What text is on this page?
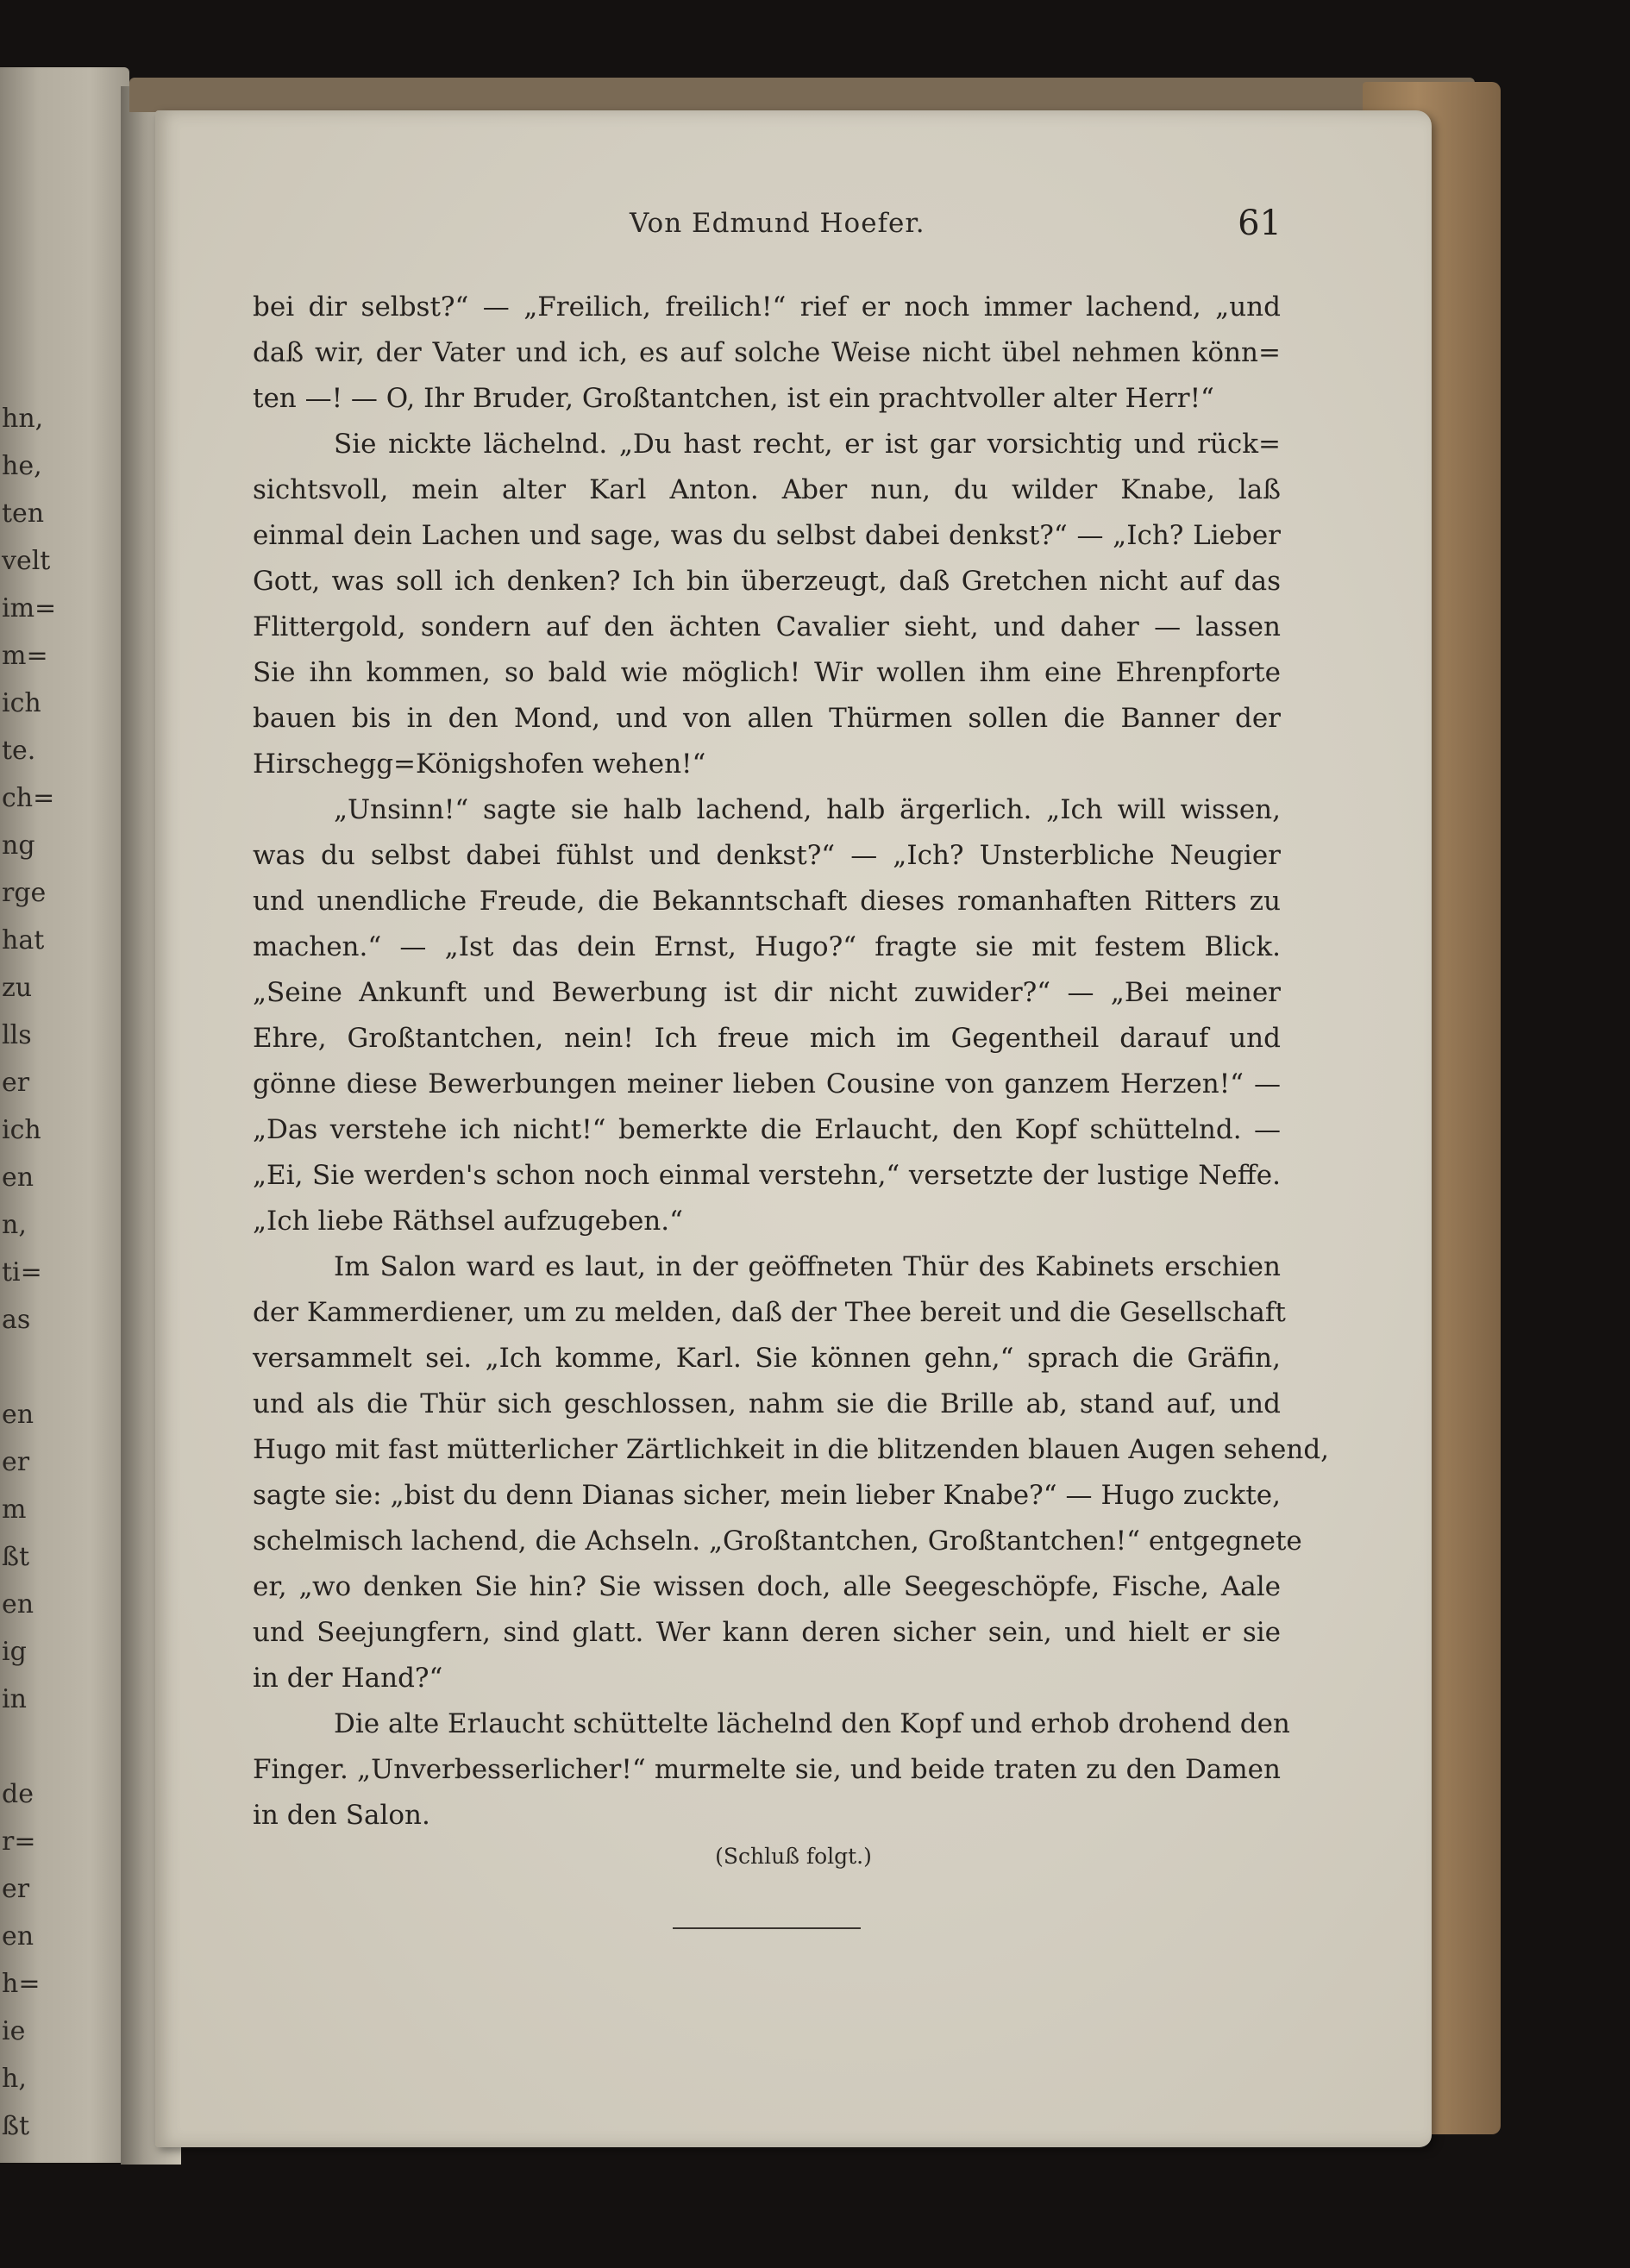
hn,
he,
ten
velt
im=
m=
ich
te.
ch=
ng
rge
hat
zu
lls
er
ich
en
n,
ti=
as
en
er
m
ßt
en
ig
in
de
r=
er
en
h=
ie
h,
ßt
Von Edmund Hoefer.	61
bei dir selbst?“ — „Freilich, freilich!“ rief er noch immer lachend, „und
daß wir, der Vater und ich, es auf solche Weise nicht übel nehmen könn=
ten —! — O, Ihr Bruder, Großtantchen, ist ein prachtvoller alter Herr!“
Sie nickte lächelnd. „Du hast recht, er ist gar vorsichtig und rück=
sichtsvoll, mein alter Karl Anton. Aber nun, du wilder Knabe, laß
einmal dein Lachen und sage, was du selbst dabei denkst?“ — „Ich? Lieber
Gott, was soll ich denken? Ich bin überzeugt, daß Gretchen nicht auf das
Flittergold, sondern auf den ächten Cavalier sieht, und daher — lassen
Sie ihn kommen, so bald wie möglich! Wir wollen ihm eine Ehrenpforte
bauen bis in den Mond, und von allen Thürmen sollen die Banner der
Hirschegg=Königshofen wehen!“
„Unsinn!“ sagte sie halb lachend, halb ärgerlich. „Ich will wissen,
was du selbst dabei fühlst und denkst?“ — „Ich? Unsterbliche Neugier
und unendliche Freude, die Bekanntschaft dieses romanhaften Ritters zu
machen.“ — „Ist das dein Ernst, Hugo?“ fragte sie mit festem Blick.
„Seine Ankunft und Bewerbung ist dir nicht zuwider?“ — „Bei meiner
Ehre, Großtantchen, nein! Ich freue mich im Gegentheil darauf und
gönne diese Bewerbungen meiner lieben Cousine von ganzem Herzen!“ —
„Das verstehe ich nicht!“ bemerkte die Erlaucht, den Kopf schüttelnd. —
„Ei, Sie werden's schon noch einmal verstehn,“ versetzte der lustige Neffe.
„Ich liebe Räthsel aufzugeben.“
Im Salon ward es laut, in der geöffneten Thür des Kabinets erschien
der Kammerdiener, um zu melden, daß der Thee bereit und die Gesellschaft
versammelt sei. „Ich komme, Karl. Sie können gehn,“ sprach die Gräfin,
und als die Thür sich geschlossen, nahm sie die Brille ab, stand auf, und
Hugo mit fast mütterlicher Zärtlichkeit in die blitzenden blauen Augen sehend,
sagte sie: „bist du denn Dianas sicher, mein lieber Knabe?“ — Hugo zuckte,
schelmisch lachend, die Achseln. „Großtantchen, Großtantchen!“ entgegnete
er, „wo denken Sie hin? Sie wissen doch, alle Seegeschöpfe, Fische, Aale
und Seejungfern, sind glatt. Wer kann deren sicher sein, und hielt er sie
in der Hand?“
Die alte Erlaucht schüttelte lächelnd den Kopf und erhob drohend den
Finger. „Unverbesserlicher!“ murmelte sie, und beide traten zu den Damen
in den Salon.
(Schluß folgt.)
